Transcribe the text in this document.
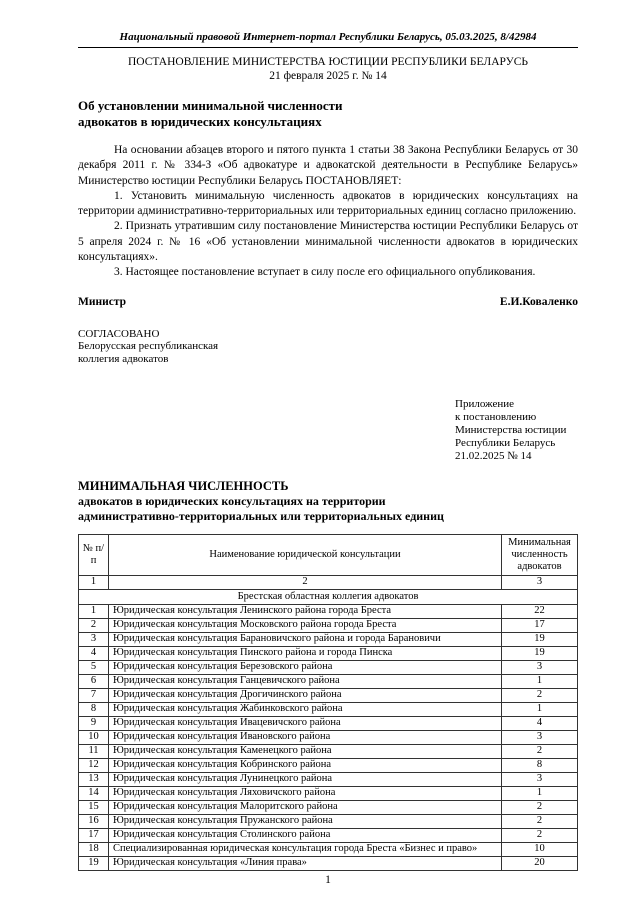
Национальный правовой Интернет-портал Республики Беларусь, 05.03.2025, 8/42984
ПОСТАНОВЛЕНИЕ МИНИСТЕРСТВА ЮСТИЦИИ РЕСПУБЛИКИ БЕЛАРУСЬ
21 февраля 2025 г. № 14
Об установлении минимальной численности
адвокатов в юридических консультациях

На основании абзацев второго и пятого пункта 1 статьи 38 Закона Республики Беларусь от 30 декабря 2011 г. № 334-З «Об адвокатуре и адвокатской деятельности в Республике Беларусь» Министерство юстиции Республики Беларусь ПОСТАНОВЛЯЕТ:

1. Установить минимальную численность адвокатов в юридических консультациях на территории административно-территориальных или территориальных единиц согласно приложению.

2. Признать утратившим силу постановление Министерства юстиции Республики Беларусь от 5 апреля 2024 г. № 16 «Об установлении минимальной численности адвокатов в юридических консультациях».

3. Настоящее постановление вступает в силу после его официального опубликования.

Министр	Е.И.Коваленко
СОГЛАСОВАНО
Белорусская республиканская
коллегия адвокатов
Приложение
к постановлению
Министерства юстиции
Республики Беларусь
21.02.2025 № 14
МИНИМАЛЬНАЯ ЧИСЛЕННОСТЬ
адвокатов в юридических консультациях на территории
административно-территориальных или территориальных единиц
№ п/п	Наименование юридической консультации	Минимальная численность адвокатов
1	2	3
Брестская областная коллегия адвокатов		
1	Юридическая консультация Ленинского района города Бреста	22
2	Юридическая консультация Московского района города Бреста	17
3	Юридическая консультация Барановичского района и города Барановичи	19
4	Юридическая консультация Пинского района и города Пинска	19
5	Юридическая консультация Березовского района	3
6	Юридическая консультация Ганцевичского района	1
7	Юридическая консультация Дрогичинского района	2
8	Юридическая консультация Жабинковского района	1
9	Юридическая консультация Ивацевичского района	4
10	Юридическая консультация Ивановского района	3
11	Юридическая консультация Каменецкого района	2
12	Юридическая консультация Кобринского района	8
13	Юридическая консультация Лунинецкого района	3
14	Юридическая консультация Ляховичского района	1
15	Юридическая консультация Малоритского района	2
16	Юридическая консультация Пружанского района	2
17	Юридическая консультация Столинского района	2
18	Специализированная юридическая консультация города Бреста «Бизнес и право»	10
19	Юридическая консультация «Линия права»	20
1
